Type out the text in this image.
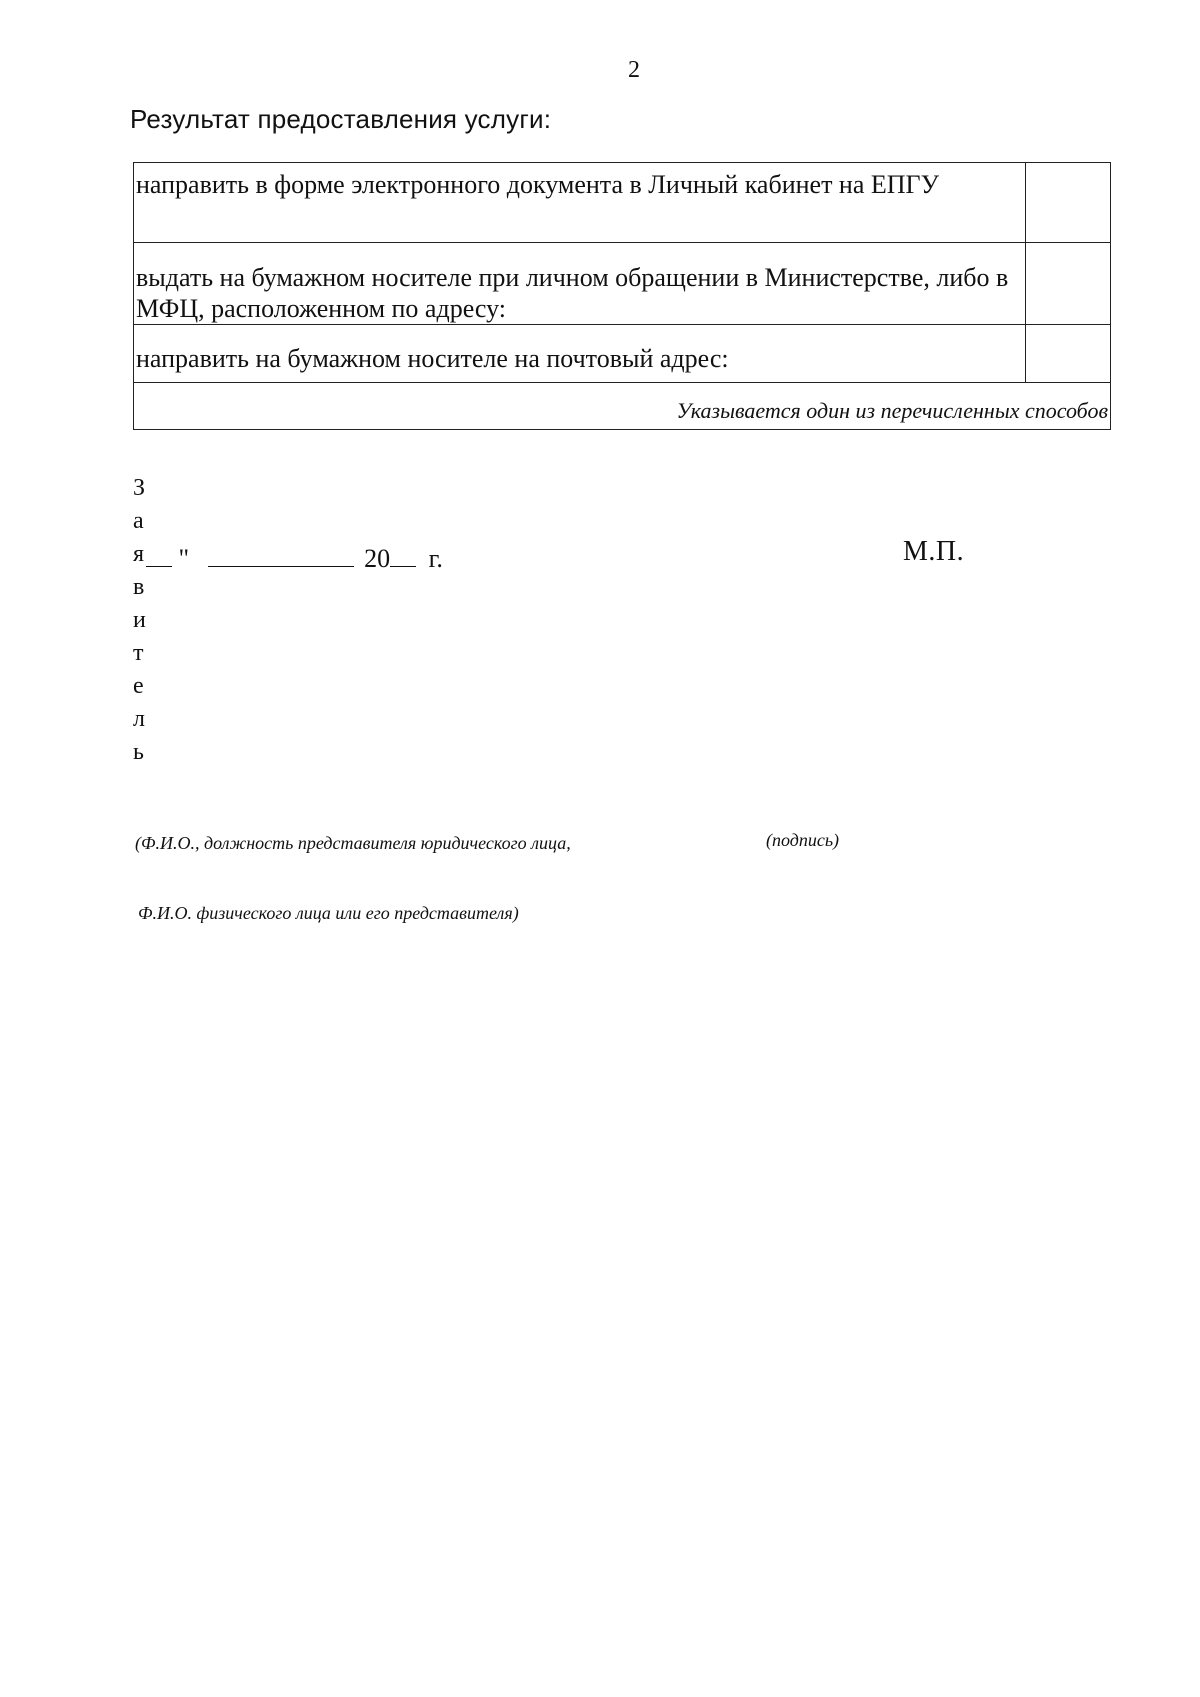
2
Результат предоставления услуги:
направить в форме электронного документа в Личный кабинет на ЕПГУ	

выдать на бумажном носителе при личном обращении в Министерстве, либо в МФЦ, расположенном по адресу:	

направить на бумажном носителе на почтовый адрес:	

Указывается один из перечисленных способов	
З
а
я
в
и
т
е
л
ь
"	20 г.	М.П.
(Ф.И.О., должность представителя юридического лица,	(подпись)
Ф.И.О. физического лица или его представителя)
